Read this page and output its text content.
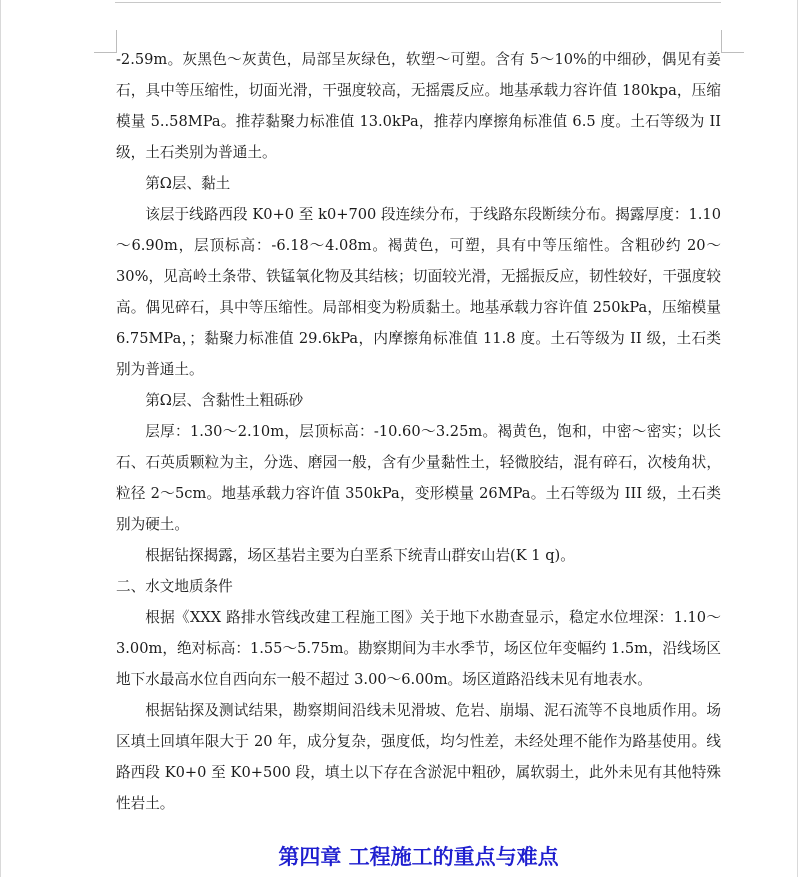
-2.59m。灰黑色～灰黄色，局部呈灰绿色，软塑～可塑。含有 5～10%的中细砂，偶见有姜石，具中等压缩性，切面光滑，干强度较高，无摇震反应。地基承载力容许值 180kpa，压缩模量 5..58MPa。推荐黏聚力标准值 13.0kPa，推荐内摩擦角标准值 6.5 度。土石等级为 II 级，土石类别为普通土。

第Ω层、黏土

该层于线路西段 K0+0 至 k0+700 段连续分布，于线路东段断续分布。揭露厚度：1.10～6.90m，层顶标高：-6.18～4.08m。褐黄色，可塑，具有中等压缩性。含粗砂约 20～30%，见高岭土条带、铁锰氧化物及其结核；切面较光滑，无摇振反应，韧性较好，干强度较高。偶见碎石，具中等压缩性。局部相变为粉质黏土。地基承载力容许值 250kPa，压缩模量 6.75MPa，；黏聚力标准值 29.6kPa，内摩擦角标准值 11.8 度。土石等级为 II 级，土石类别为普通土。

第Ω层、含黏性土粗砾砂

层厚：1.30～2.10m，层顶标高：-10.60～3.25m。褐黄色，饱和，中密～密实；以长石、石英质颗粒为主，分选、磨园一般，含有少量黏性土，轻微胶结，混有碎石，次棱角状，粒径 2～5cm。地基承载力容许值 350kPa，变形模量 26MPa。土石等级为 III 级，土石类别为硬土。

根据钻探揭露，场区基岩主要为白垩系下统青山群安山岩(K 1 q)。

二、水文地质条件

根据《XXX 路排水管线改建工程施工图》关于地下水勘查显示，稳定水位埋深：1.10～3.00m，绝对标高：1.55～5.75m。勘察期间为丰水季节，场区位年变幅约 1.5m，沿线场区地下水最高水位自西向东一般不超过 3.00～6.00m。场区道路沿线未见有地表水。

根据钻探及测试结果，勘察期间沿线未见滑坡、危岩、崩塌、泥石流等不良地质作用。场区填土回填年限大于 20 年，成分复杂，强度低，均匀性差，未经处理不能作为路基使用。线路西段 K0+0 至 K0+500 段，填土以下存在含淤泥中粗砂，属软弱土，此外未见有其他特殊性岩土。

第四章 工程施工的重点与难点
